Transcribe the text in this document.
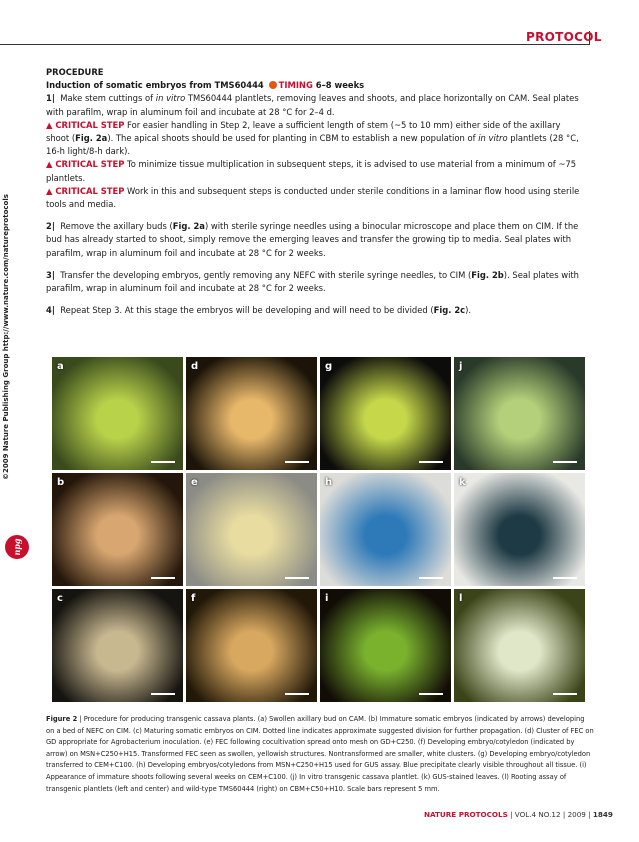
PROTOCOL
©2009 Nature Publishing Group http://www.nature.com/natureprotocols
npg

PROCEDURE

Induction of somatic embryos from TMS60444 TIMING 6–8 weeks

1| Make stem cuttings of in vitro TMS60444 plantlets, removing leaves and shoots, and place horizontally on CAM. Seal plates with parafilm, wrap in aluminum foil and incubate at 28 °C for 2–4 d.

▲ CRITICAL STEP For easier handling in Step 2, leave a sufficient length of stem (~5 to 10 mm) either side of the axillary shoot (Fig. 2a). The apical shoots should be used for planting in CBM to establish a new population of in vitro plantlets (28 °C, 16-h light/8-h dark).

▲ CRITICAL STEP To minimize tissue multiplication in subsequent steps, it is advised to use material from a minimum of ~75 plantlets.

▲ CRITICAL STEP Work in this and subsequent steps is conducted under sterile conditions in a laminar flow hood using sterile tools and media.

2| Remove the axillary buds (Fig. 2a) with sterile syringe needles using a binocular microscope and place them on CIM. If the bud has already started to shoot, simply remove the emerging leaves and transfer the growing tip to media. Seal plates with parafilm, wrap in aluminum foil and incubate at 28 °C for 2 weeks.

3| Transfer the developing embryos, gently removing any NEFC with sterile syringe needles, to CIM (Fig. 2b). Seal plates with parafilm, wrap in aluminum foil and incubate at 28 °C for 2 weeks.

4| Repeat Step 3. At this stage the embryos will be developing and will need to be divided (Fig. 2c).

a	d	g	j
b	e	h	k
c	f	i	l
Figure 2 | Procedure for producing transgenic cassava plants. (a) Swollen axillary bud on CAM. (b) Immature somatic embryos (indicated by arrows) developing on a bed of NEFC on CIM. (c) Maturing somatic embryos on CIM. Dotted line indicates approximate suggested division for further propagation. (d) Cluster of FEC on GD appropriate for Agrobacterium inoculation. (e) FEC following cocultivation spread onto mesh on GD+C250. (f) Developing embryo/cotyledon (indicated by arrow) on MSN+C250+H15. Transformed FEC seen as swollen, yellowish structures. Nontransformed are smaller, white clusters. (g) Developing embryo/cotyledon transferred to CEM+C100. (h) Developing embryos/cotyledons from MSN+C250+H15 used for GUS assay. Blue precipitate clearly visible throughout all tissue. (i) Appearance of immature shoots following several weeks on CEM+C100. (j) In vitro transgenic cassava plantlet. (k) GUS-stained leaves. (l) Rooting assay of transgenic plantlets (left and center) and wild-type TMS60444 (right) on CBM+C50+H10. Scale bars represent 5 mm.
NATURE PROTOCOLS | VOL.4 NO.12 | 2009 | 1849
